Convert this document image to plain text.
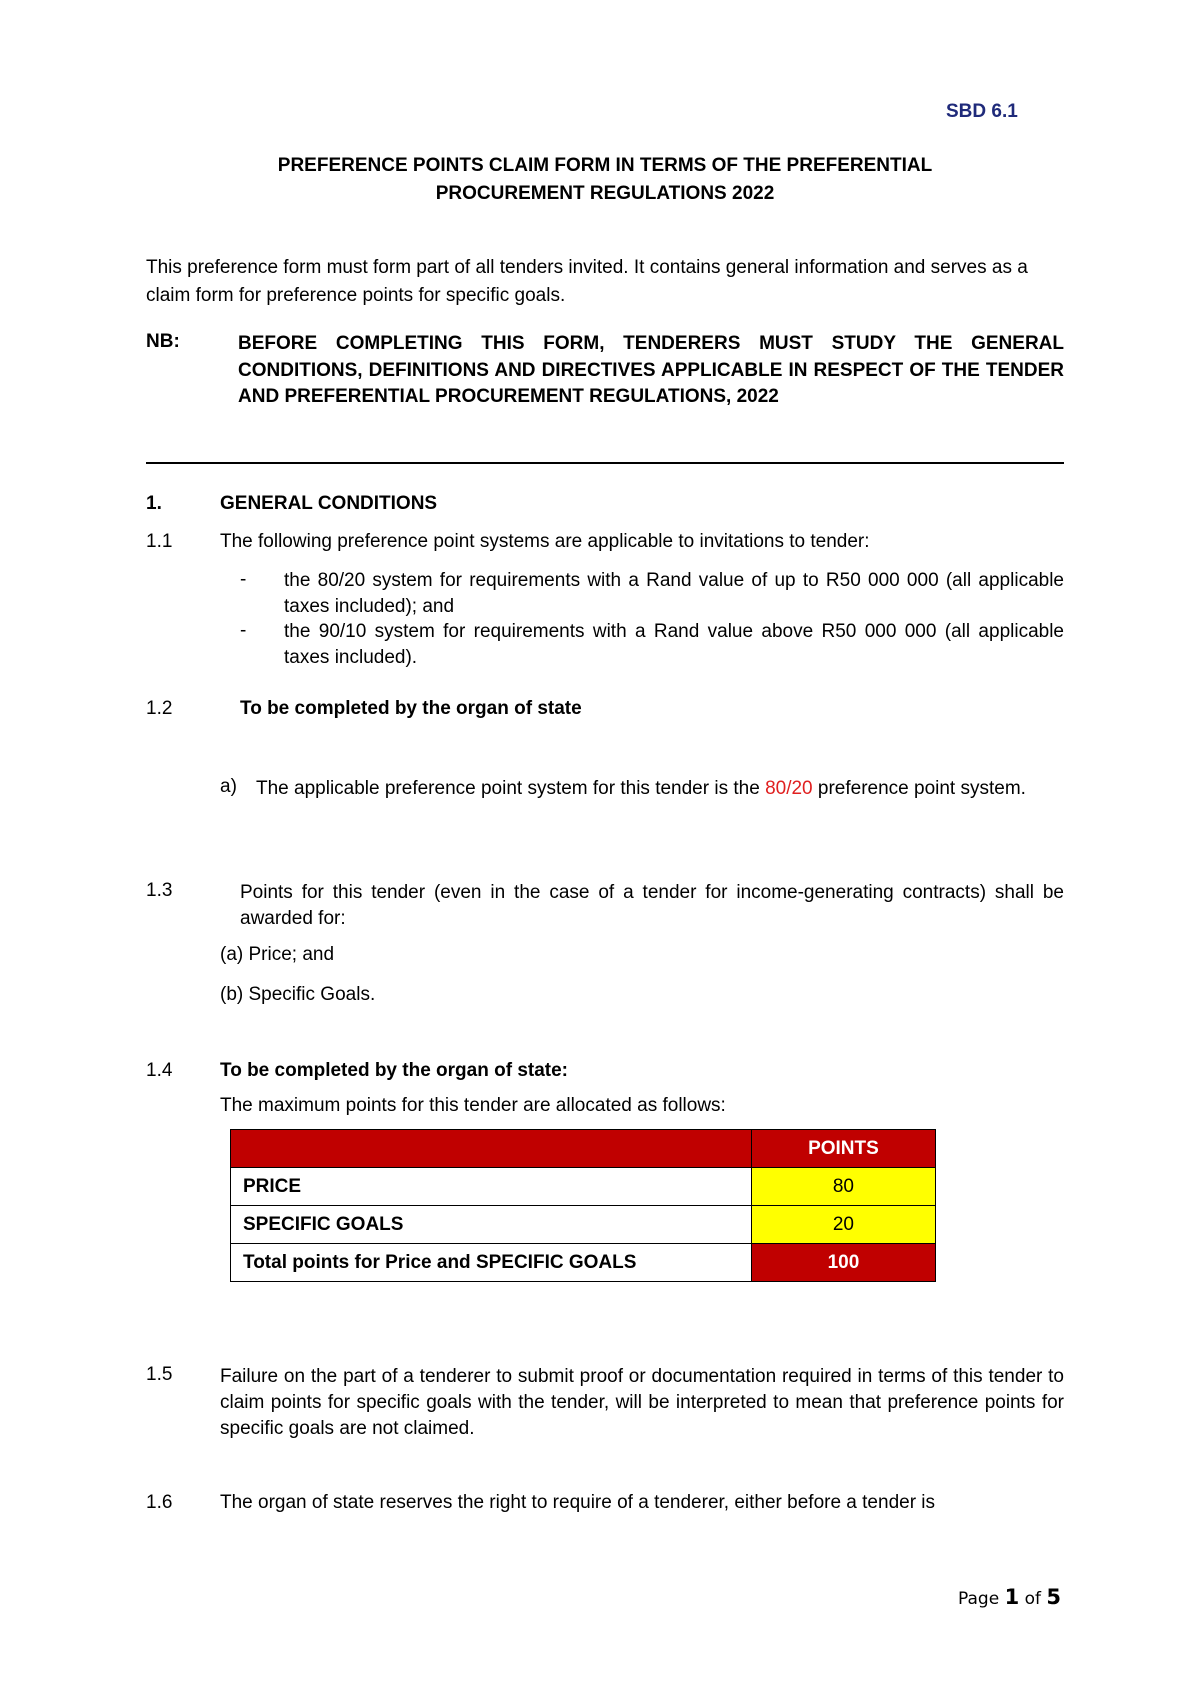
SBD 6.1
PREFERENCE POINTS CLAIM FORM IN TERMS OF THE PREFERENTIAL
PROCUREMENT REGULATIONS 2022
This preference form must form part of all tenders invited. It contains general information and serves as a claim form for preference points for specific goals.
NB:	BEFORE COMPLETING THIS FORM, TENDERERS MUST STUDY THE GENERAL CONDITIONS, DEFINITIONS AND DIRECTIVES APPLICABLE IN RESPECT OF THE TENDER AND PREFERENTIAL PROCUREMENT REGULATIONS, 2022
1.	GENERAL CONDITIONS
1.1	The following preference point systems are applicable to invitations to tender:
- the 80/20 system for requirements with a Rand value of up to R50 000 000 (all applicable taxes included); and
- the 90/10 system for requirements with a Rand value above R50 000 000 (all applicable taxes included).
1.2	To be completed by the organ of state
a) The applicable preference point system for this tender is the 80/20 preference point system.
1.3	Points for this tender (even in the case of a tender for income-generating contracts) shall be awarded for:
(a) Price; and
(b) Specific Goals.
1.4	To be completed by the organ of state:
The maximum points for this tender are allocated as follows:
	POINTS
PRICE	80
SPECIFIC GOALS	20
Total points for Price and SPECIFIC GOALS	100
1.5	Failure on the part of a tenderer to submit proof or documentation required in terms of this tender to claim points for specific goals with the tender, will be interpreted to mean that preference points for specific goals are not claimed.
1.6	The organ of state reserves the right to require of a tenderer, either before a tender is
Page 1 of 5
